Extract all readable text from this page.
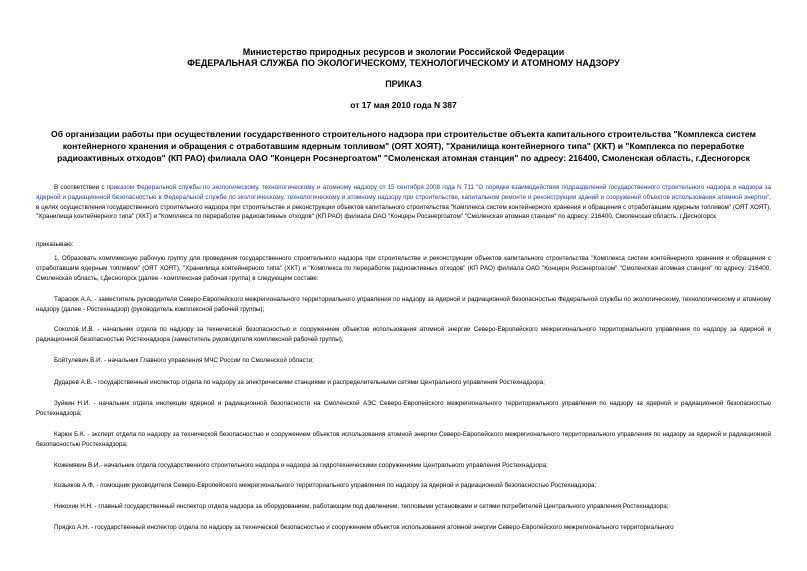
Министерство природных ресурсов и экологии Российской Федерации
ФЕДЕРАЛЬНАЯ СЛУЖБА ПО ЭКОЛОГИЧЕСКОМУ, ТЕХНОЛОГИЧЕСКОМУ И АТОМНОМУ НАДЗОРУ
ПРИКАЗ
от 17 мая 2010 года N 387
Об организации работы при осуществлении государственного строительного надзора при строительстве объекта капитального строительства "Комплекса систем контейнерного хранения и обращения с отработавшим ядерным топливом" (ОЯТ ХОЯТ), "Хранилища контейнерного типа" (ХКТ) и "Комплекса по переработке радиоактивных отходов" (КП РАО) филиала ОАО "Концерн Росэнергоатом" "Смоленская атомная станция" по адресу: 216400, Смоленская область, г.Десногорск
В соответствии с приказом Федеральной службы по экологическому, технологическому и атомному надзору от 15 сентября 2008 года N 711 "О порядке взаимодействия подразделений государственного строительного надзора и надзора за ядерной и радиационной безопасностью в Федеральной службе по экологическому, технологическому и атомному надзору при строительстве, капитальном ремонте и реконструкции зданий и сооружений объектов использования атомной энергии", в целях осуществления государственного строительного надзора при строительстве и реконструкции объектов капитального строительства "Комплекса систем контейнерного хранения и обращения с отработавшим ядерным топливом" (ОЯТ ХОЯТ), "Хранилища контейнерного типа" (ХКТ) и "Комплекса по переработке радиоактивных отходов" (КП РАО) филиала ОАО "Концерн Росэнергоатом" "Смоленская атомная станция" по адресу: 216400, Смоленская область, г.Десногорск
приказываю:
1. Образовать комплексную рабочую группу для проведения государственного строительного надзора при строительстве и реконструкции объектов капитального строительства "Комплекса систем контейнерного хранения и обращения с отработавшим ядерным топливом" (ОЯТ ХОЯТ), "Хранилища контейнерного типа" (ХКТ) и "Комплекса по переработке радиоактивных отходов" (КП РАО) филиала ОАО "Концерн Росэнергоатом" "Смоленская атомная станция" по адресу: 216400, Смоленская область, г.Десногорск (далее - комплексная рабочая группа) в следующем составе:
Тарасюк А.А. - заместитель руководителя Северо-Европейского межрегионального территориального управления по надзору за ядерной и радиационной безопасностью Федеральной службы по экологическому, технологическому и атомному надзору (далее - Ростехнадзор) (руководитель комплексной рабочей группы);
Соколов И.В. - начальник отдела по надзору за технической безопасностью и сооружением объектов использования атомной энергии Северо-Европейского межрегионального территориального управления по надзору за ядерной и радиационной безопасностью Ростехнадзора (заместитель руководителя комплексной рабочей группы);
Бойтулевич В.И. - начальник Главного управления МЧС России по Смоленской области;
Дударев А.В. - государственный инспектор отдела по надзору за электрическими станциями и распределительными сетями Центрального управления Ростехнадзора;
Зуйкин Н.И. - начальник отдела инспекции ядерной и радиационной безопасности на Смоленской АЭС Северо-Европейского межрегионального территориального управления по надзору за ядерной и радиационной безопасностью Ростехнадзора;
Карюк Б.К. - эксперт отдела по надзору за технической безопасностью и сооружением объектов использования атомной энергии Северо-Европейского межрегионального территориального управления по надзору за ядерной и радиационной безопасностью Ростехнадзора;
Кожемякин В.И.- начальник отдела государственного строительного надзора и надзора за гидротехническими сооружениями Центрального управления Ростехнадзора;
Козьяков А.Ф. - помощник руководителя Северо-Европейского межрегионального территориального управления по надзору за ядерной и радиационной безопасностью Ростехнадзора;
Никохин Н.Н. - главный государственный инспектор отдела надзора за оборудованием, работающим под давлением, тепловыми установками и сетями потребителей Центрального управления Ростехнадзора;
Прядко А.Н. - государственный инспектор отдела по надзору за технической безопасностью и сооружением объектов использования атомной энергии Северо-Европейского межрегионального территориального
